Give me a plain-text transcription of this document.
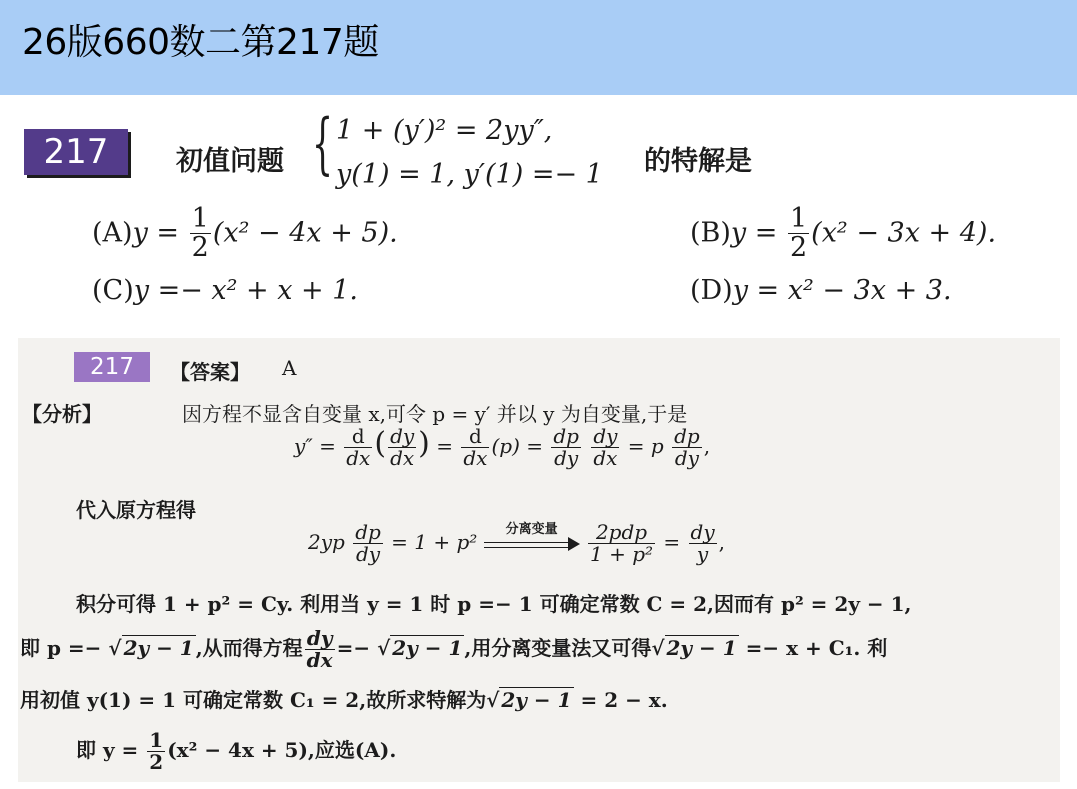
26版660数二第217题
217	初值问题 { 1 + (y′)² = 2yy″,
y(1) = 1, y′(1) =− 1 的特解是
$(A)y = \frac{1}{2} (x^2 - 4x + 5)$.	$(B)y = \frac{1}{2} (x^2 - 3x + 4)$.
(C)y =− x² + x + 1.	(D)y = x² − 3x + 3.
217	【答案】 A
【分析】	因方程不显含自变量 x,可令 p = y′ 并以 y 为自变量,于是
$y'' = \frac{d}{dx}$ ( $\frac{dy}{dx}$ ) = $\frac{d}{dx} (p) = \frac{dp}{dy}$
$\frac{dy}{dx} = p \frac{dp}{dy}$ ,
代入原方程得
$2yp \frac{dp}{dy} = 1 + p^2$
分离变量
	$\frac{\text{2pdp}}{\text{1 + p²}} = \frac{dy}{y}$ ,
积分可得 1 + p² = Cy. 利用当 y = 1 时 p =− 1 可确定常数 C = 2,因而有 p² = 2y − 1,
即 p =− √ 2y − 1 ,从而得方程 $\frac{dy}{dx}$ =− √ 2y − 1 ,用分离变量法又可得√ 2y − 1 =− x + C₁. 利
用初值 y(1) = 1 可确定常数 C₁ = 2,故所求特解为√ 2y − 1 = 2 − x.
即 $y = \frac{1}{2} (x^2 - 4x + 5)$,应选(A).
